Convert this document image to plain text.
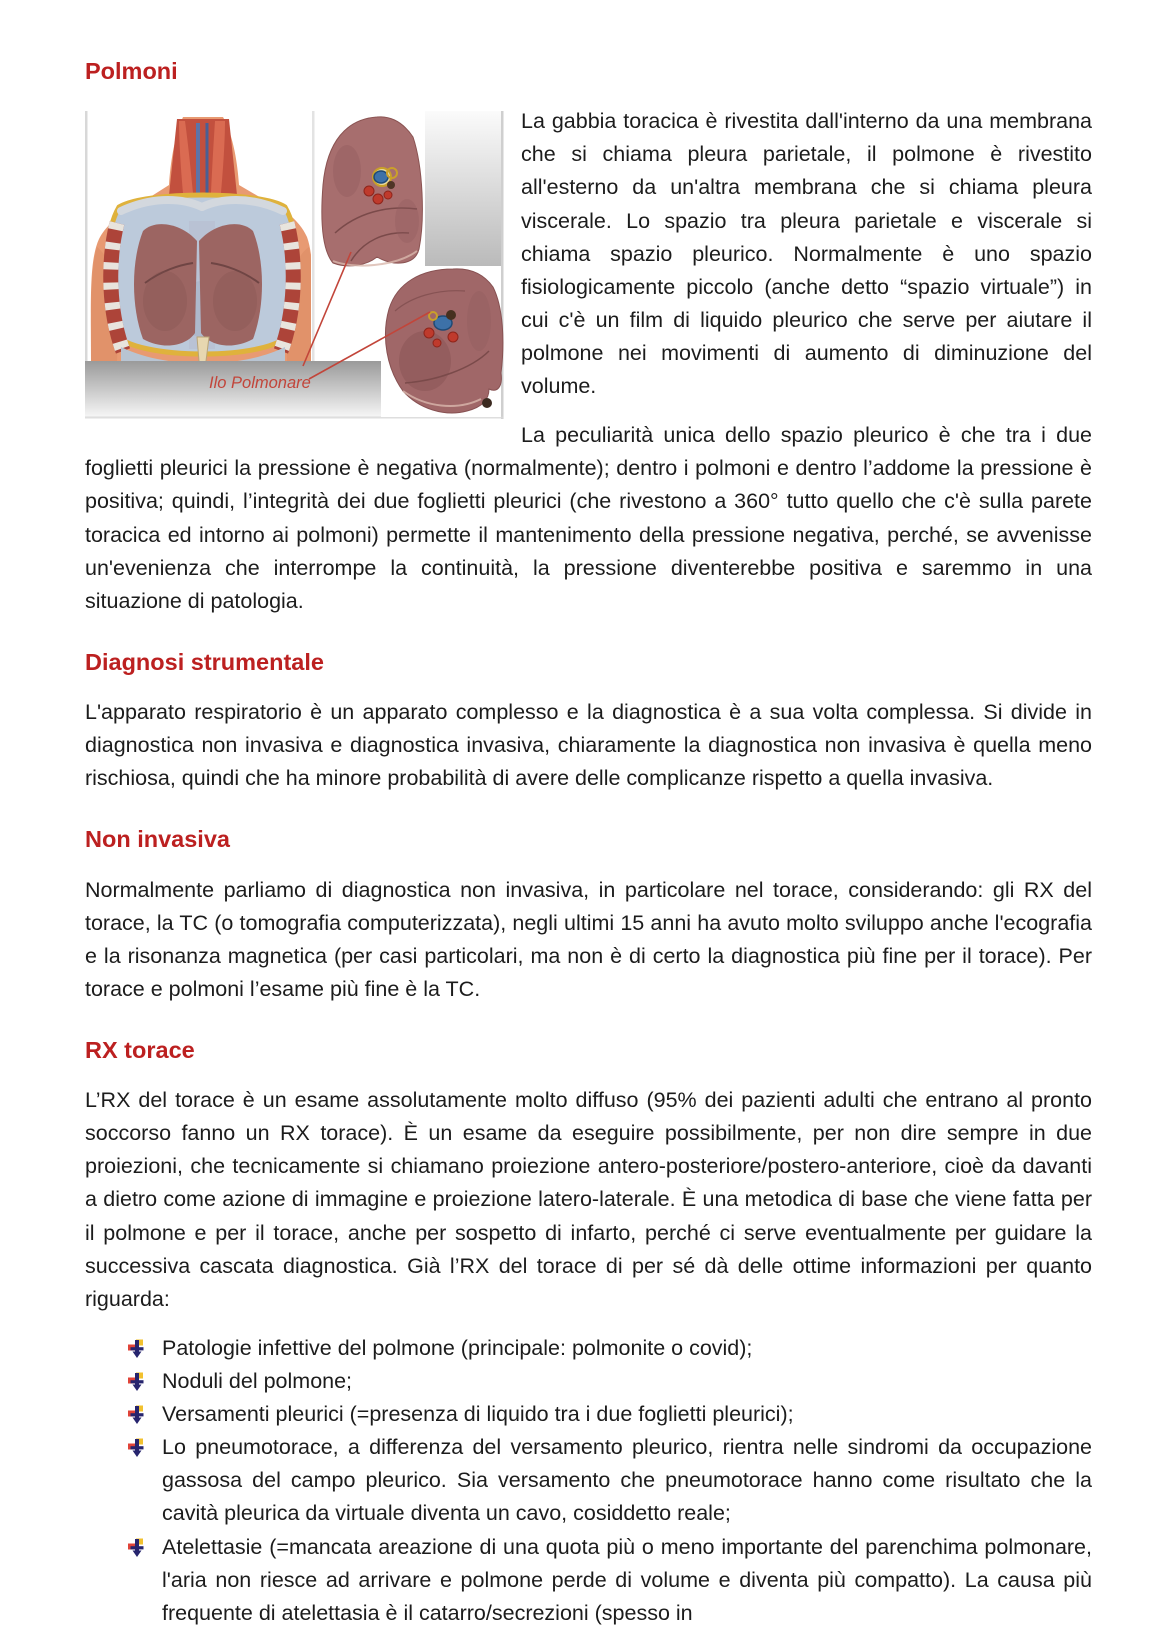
Polmoni
Ilo Polmonare

La gabbia toracica è rivestita dall'interno da una membrana che si chiama pleura parietale, il polmone è rivestito all'esterno da un'altra membrana che si chiama pleura viscerale. Lo spazio tra pleura parietale e viscerale si chiama spazio pleurico. Normalmente è uno spazio fisiologicamente piccolo (anche detto “spazio virtuale”) in cui c'è un film di liquido pleurico che serve per aiutare il polmone nei movimenti di aumento di diminuzione del volume.

La peculiarità unica dello spazio pleurico è che tra i due foglietti pleurici la pressione è negativa (normalmente); dentro i polmoni e dentro l’addome la pressione è positiva; quindi, l’integrità dei due foglietti pleurici (che rivestono a 360° tutto quello che c'è sulla parete toracica ed intorno ai polmoni) permette il mantenimento della pressione negativa, perché, se avvenisse un'evenienza che interrompe la continuità, la pressione diventerebbe positiva e saremmo in una situazione di patologia.

Diagnosi strumentale

L'apparato respiratorio è un apparato complesso e la diagnostica è a sua volta complessa. Si divide in diagnostica non invasiva e diagnostica invasiva, chiaramente la diagnostica non invasiva è quella meno rischiosa, quindi che ha minore probabilità di avere delle complicanze rispetto a quella invasiva.

Non invasiva

Normalmente parliamo di diagnostica non invasiva, in particolare nel torace, considerando: gli RX del torace, la TC (o tomografia computerizzata), negli ultimi 15 anni ha avuto molto sviluppo anche l'ecografia e la risonanza magnetica (per casi particolari, ma non è di certo la diagnostica più fine per il torace). Per torace e polmoni l’esame più fine è la TC.

RX torace

L’RX del torace è un esame assolutamente molto diffuso (95% dei pazienti adulti che entrano al pronto soccorso fanno un RX torace). È un esame da eseguire possibilmente, per non dire sempre in due proiezioni, che tecnicamente si chiamano proiezione antero-posteriore/postero-anteriore, cioè da davanti a dietro come azione di immagine e proiezione latero-laterale. È una metodica di base che viene fatta per il polmone e per il torace, anche per sospetto di infarto, perché ci serve eventualmente per guidare la successiva cascata diagnostica. Già l’RX del torace di per sé dà delle ottime informazioni per quanto riguarda:

Patologie infettive del polmone (principale: polmonite o covid);
Noduli del polmone;
Versamenti pleurici (=presenza di liquido tra i due foglietti pleurici);
Lo pneumotorace, a differenza del versamento pleurico, rientra nelle sindromi da occupazione gassosa del campo pleurico. Sia versamento che pneumotorace hanno come risultato che la cavità pleurica da virtuale diventa un cavo, cosiddetto reale;
Atelettasie (=mancata areazione di una quota più o meno importante del parenchima polmonare, l'aria non riesce ad arrivare e polmone perde di volume e diventa più compatto). La causa più frequente di atelettasia è il catarro/secrezioni (spesso in
